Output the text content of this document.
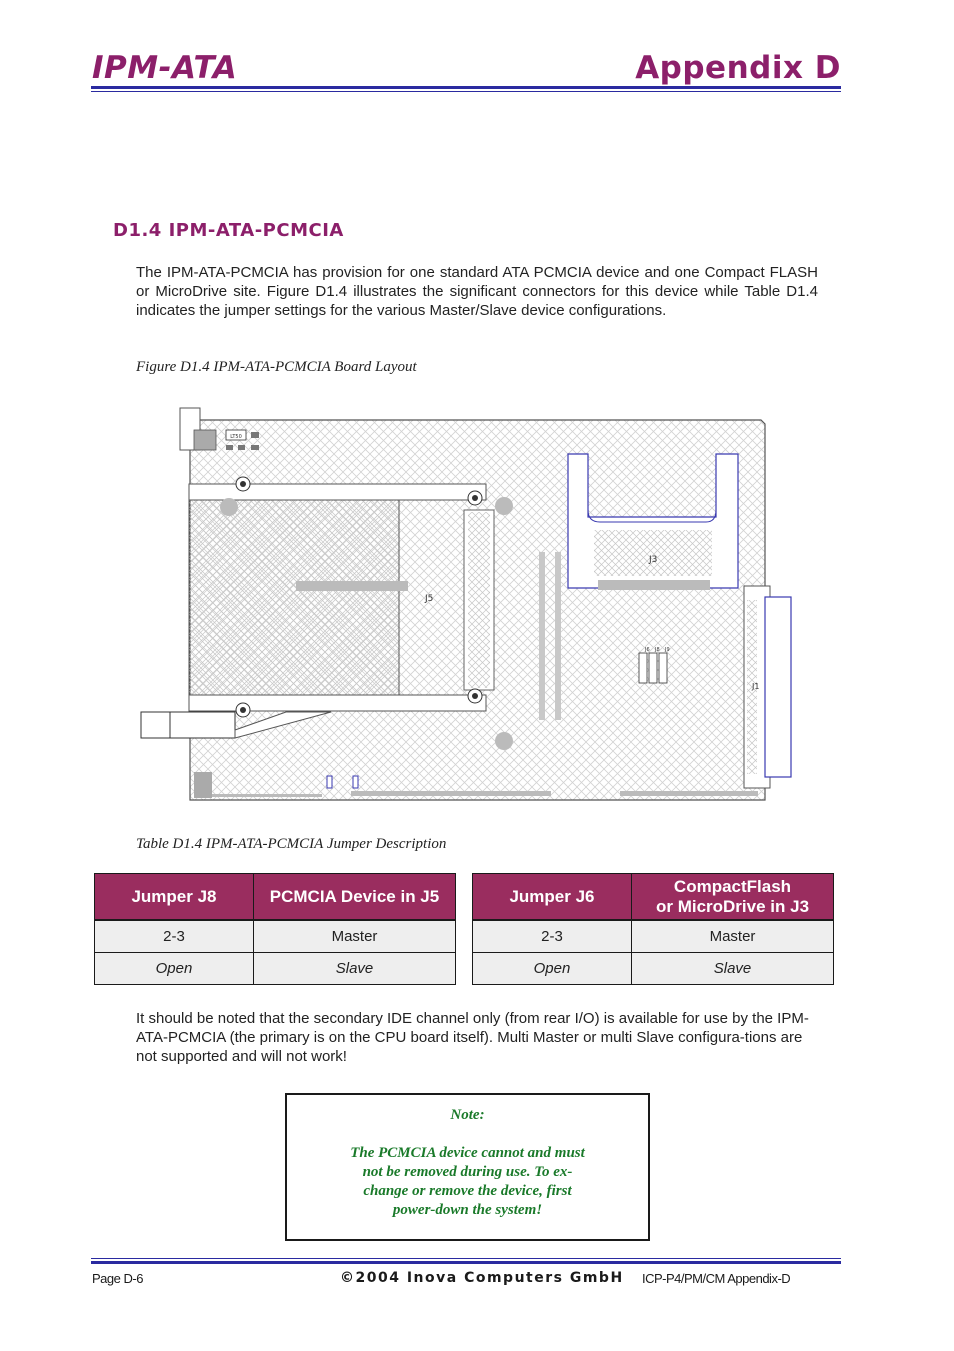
IPM-ATA	Appendix D
D1.4 IPM-ATA-PCMCIA
The IPM-ATA-PCMCIA has provision for one standard ATA PCMCIA device and one Compact FLASH or MicroDrive site. Figure D1.4 illustrates the significant connectors for this device while Table D1.4 indicates the jumper settings for the various Master/Slave device configurations.
Figure D1.4 IPM-ATA-PCMCIA Board Layout
LT50
J5
J3
J6 J8 J9
J1
Table D1.4 IPM-ATA-PCMCIA Jumper Description
Jumper J8	PCMCIA Device in J5
2-3	Master
Open	Slave
Jumper J6	CompactFlash
or MicroDrive in J3

2-3	Master
Open	Slave
It should be noted that the secondary IDE channel only (from rear I/O) is available for use by the IPM-ATA-PCMCIA (the primary is on the CPU board itself). Multi Master or multi Slave configura-tions are not supported and will not work!
Note:
The PCMCIA device cannot and must
not be removed during use. To ex-
change or remove the device, first
power-down the system!
Page D-6	©2004 Inova Computers GmbH ICP-P4/PM/CM Appendix-D
